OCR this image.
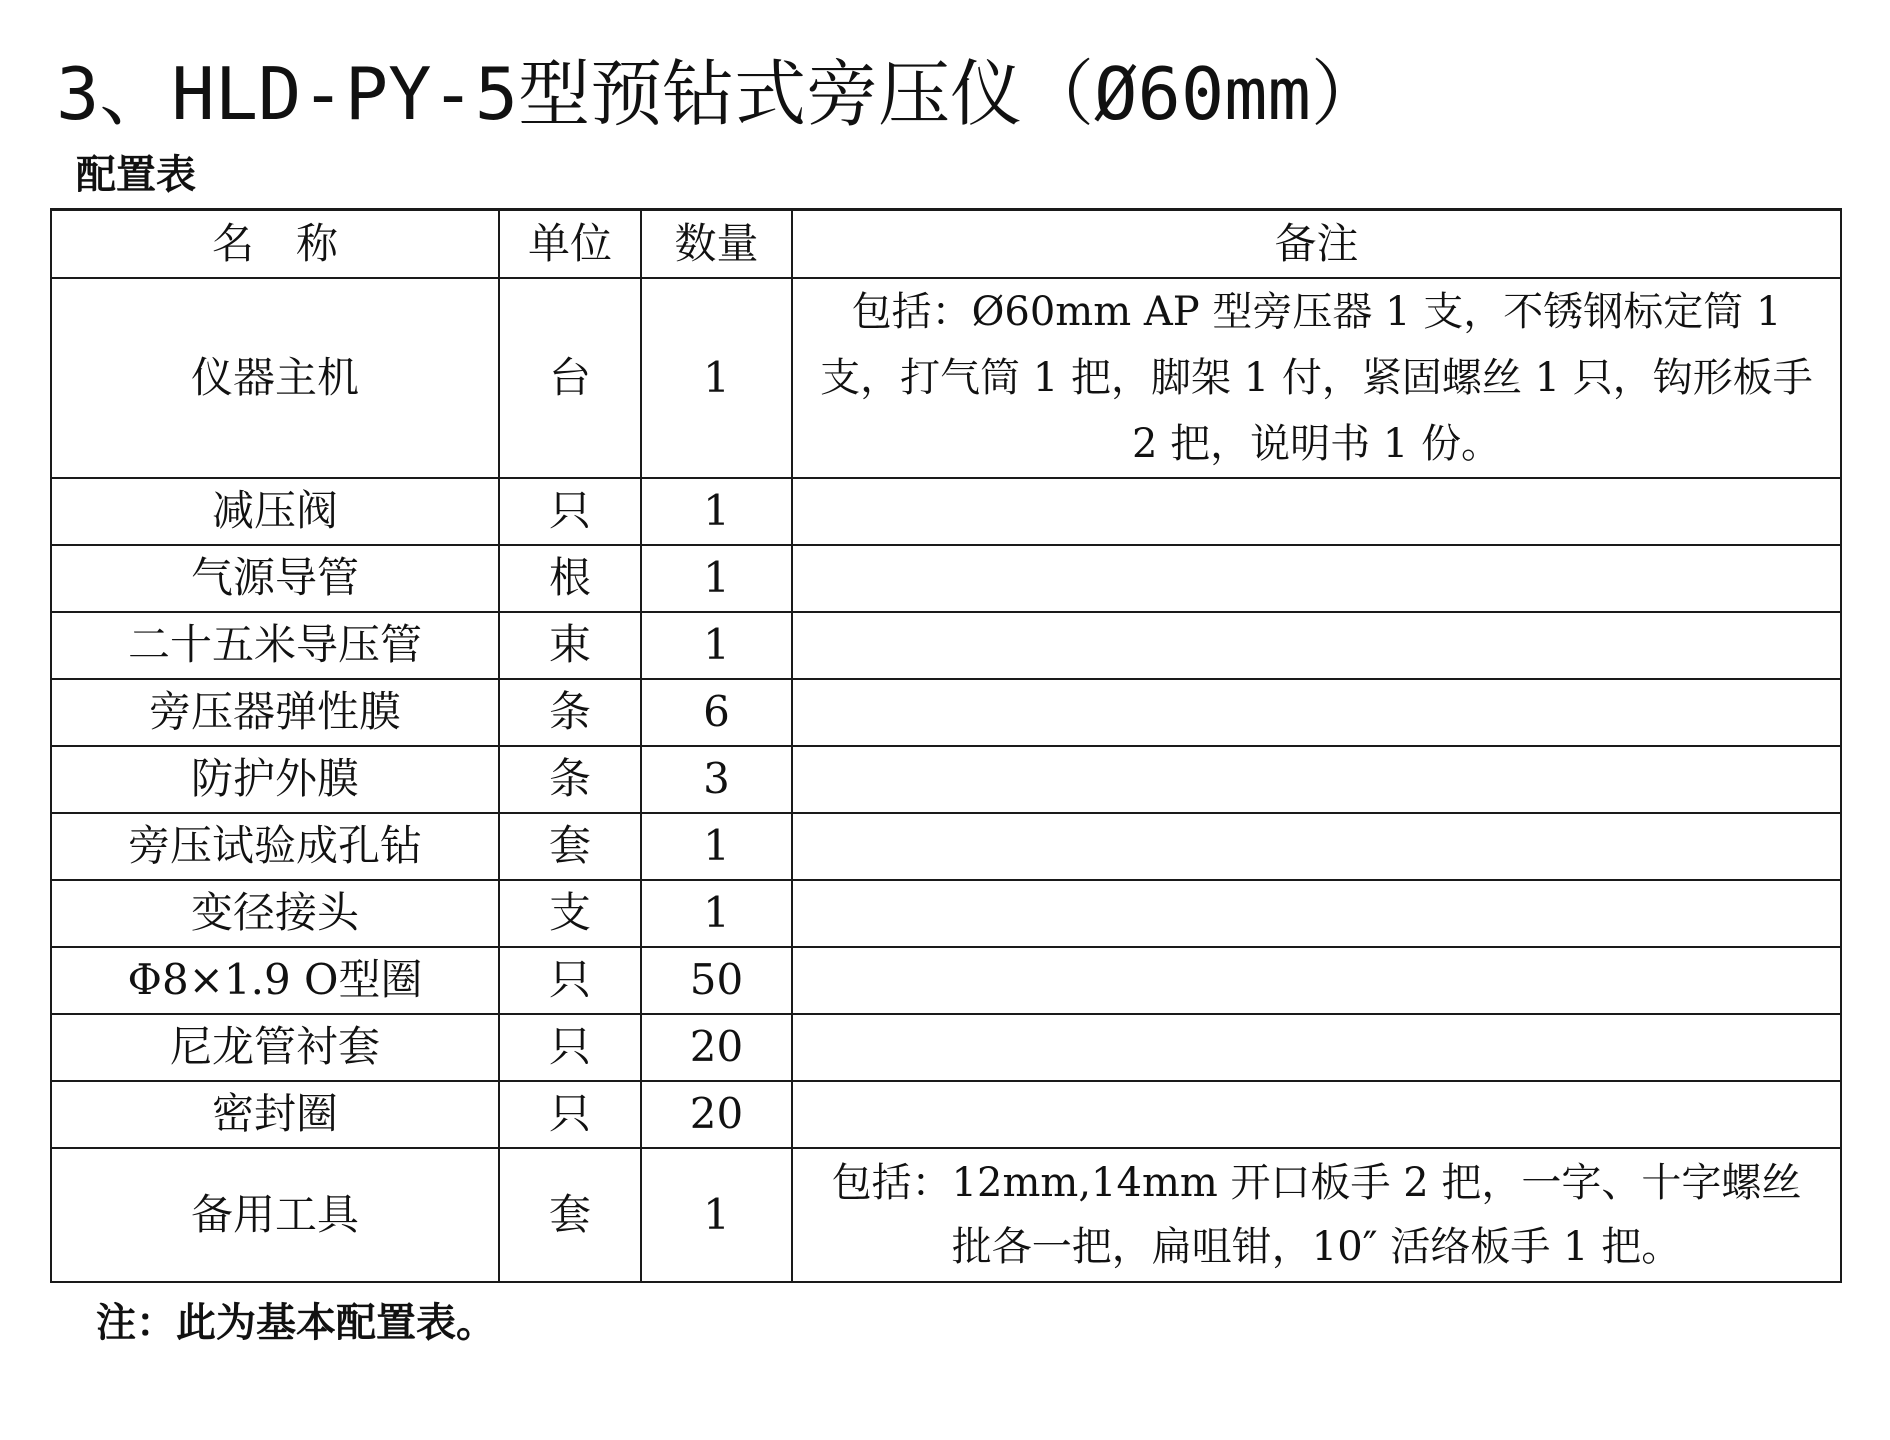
3、HLD-PY-5型预钻式旁压仪（Ø60mm）
配置表
名　称	单位	数量	备注
仪器主机	台	1	包括：Ø60mm AP 型旁压器 1 支，不锈钢标定筒 1 支，打气筒 1 把，脚架 1 付，紧固螺丝 1 只，钩形板手 2 把，说明书 1 份。
减压阀	只	1	
气源导管	根	1	
二十五米导压管	束	1	
旁压器弹性膜	条	6	
防护外膜	条	3	
旁压试验成孔钻	套	1	
变径接头	支	1	
Φ8×1.9 O型圈	只	50	
尼龙管衬套	只	20	
密封圈	只	20	
备用工具	套	1	包括：12mm,14mm 开口板手 2 把，一字、十字螺丝批各一把，扁咀钳，10″ 活络板手 1 把。
注：此为基本配置表。
